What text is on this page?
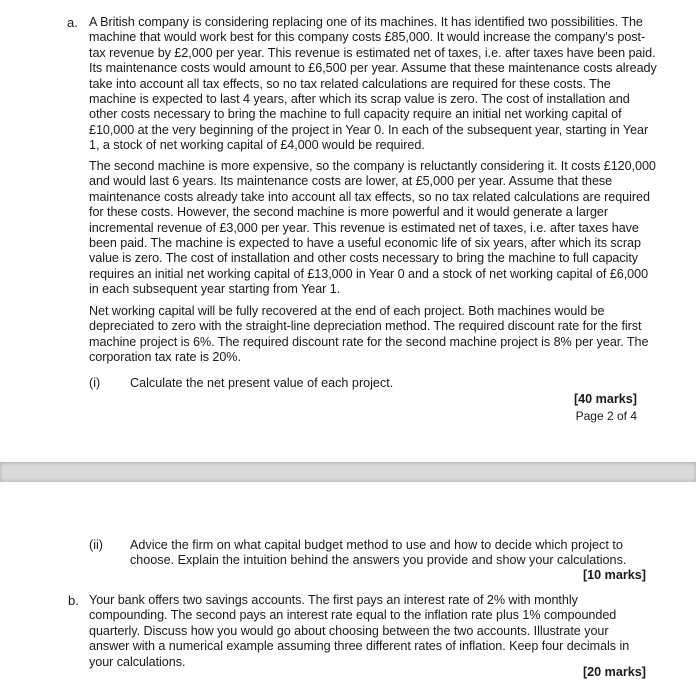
a. A British company is considering replacing one of its machines. It has identified two possibilities. The machine that would work best for this company costs £85,000. It would increase the company's post-tax revenue by £2,000 per year. This revenue is estimated net of taxes, i.e. after taxes have been paid. Its maintenance costs would amount to £6,500 per year. Assume that these maintenance costs already take into account all tax effects, so no tax related calculations are required for these costs. The machine is expected to last 4 years, after which its scrap value is zero. The cost of installation and other costs necessary to bring the machine to full capacity require an initial net working capital of £10,000 at the very beginning of the project in Year 0. In each of the subsequent year, starting in Year 1, a stock of net working capital of £4,000 would be required.

The second machine is more expensive, so the company is reluctantly considering it. It costs £120,000 and would last 6 years. Its maintenance costs are lower, at £5,000 per year. Assume that these maintenance costs already take into account all tax effects, so no tax related calculations are required for these costs. However, the second machine is more powerful and it would generate a larger incremental revenue of £3,000 per year. This revenue is estimated net of taxes, i.e. after taxes have been paid. The machine is expected to have a useful economic life of six years, after which its scrap value is zero. The cost of installation and other costs necessary to bring the machine to full capacity requires an initial net working capital of £13,000 in Year 0 and a stock of net working capital of £6,000 in each subsequent year starting from Year 1.

Net working capital will be fully recovered at the end of each project. Both machines would be depreciated to zero with the straight-line depreciation method. The required discount rate for the first machine project is 6%. The required discount rate for the second machine project is 8% per year. The corporation tax rate is 20%.

(i) Calculate the net present value of each project.

[40 marks]
Page 2 of 4
(ii) Advice the firm on what capital budget method to use and how to decide which project to choose. Explain the intuition behind the answers you provide and show your calculations.

[10 marks]
b. Your bank offers two savings accounts. The first pays an interest rate of 2% with monthly compounding. The second pays an interest rate equal to the inflation rate plus 1% compounded quarterly. Discuss how you would go about choosing between the two accounts. Illustrate your answer with a numerical example assuming three different rates of inflation. Keep four decimals in your calculations.

[20 marks]
